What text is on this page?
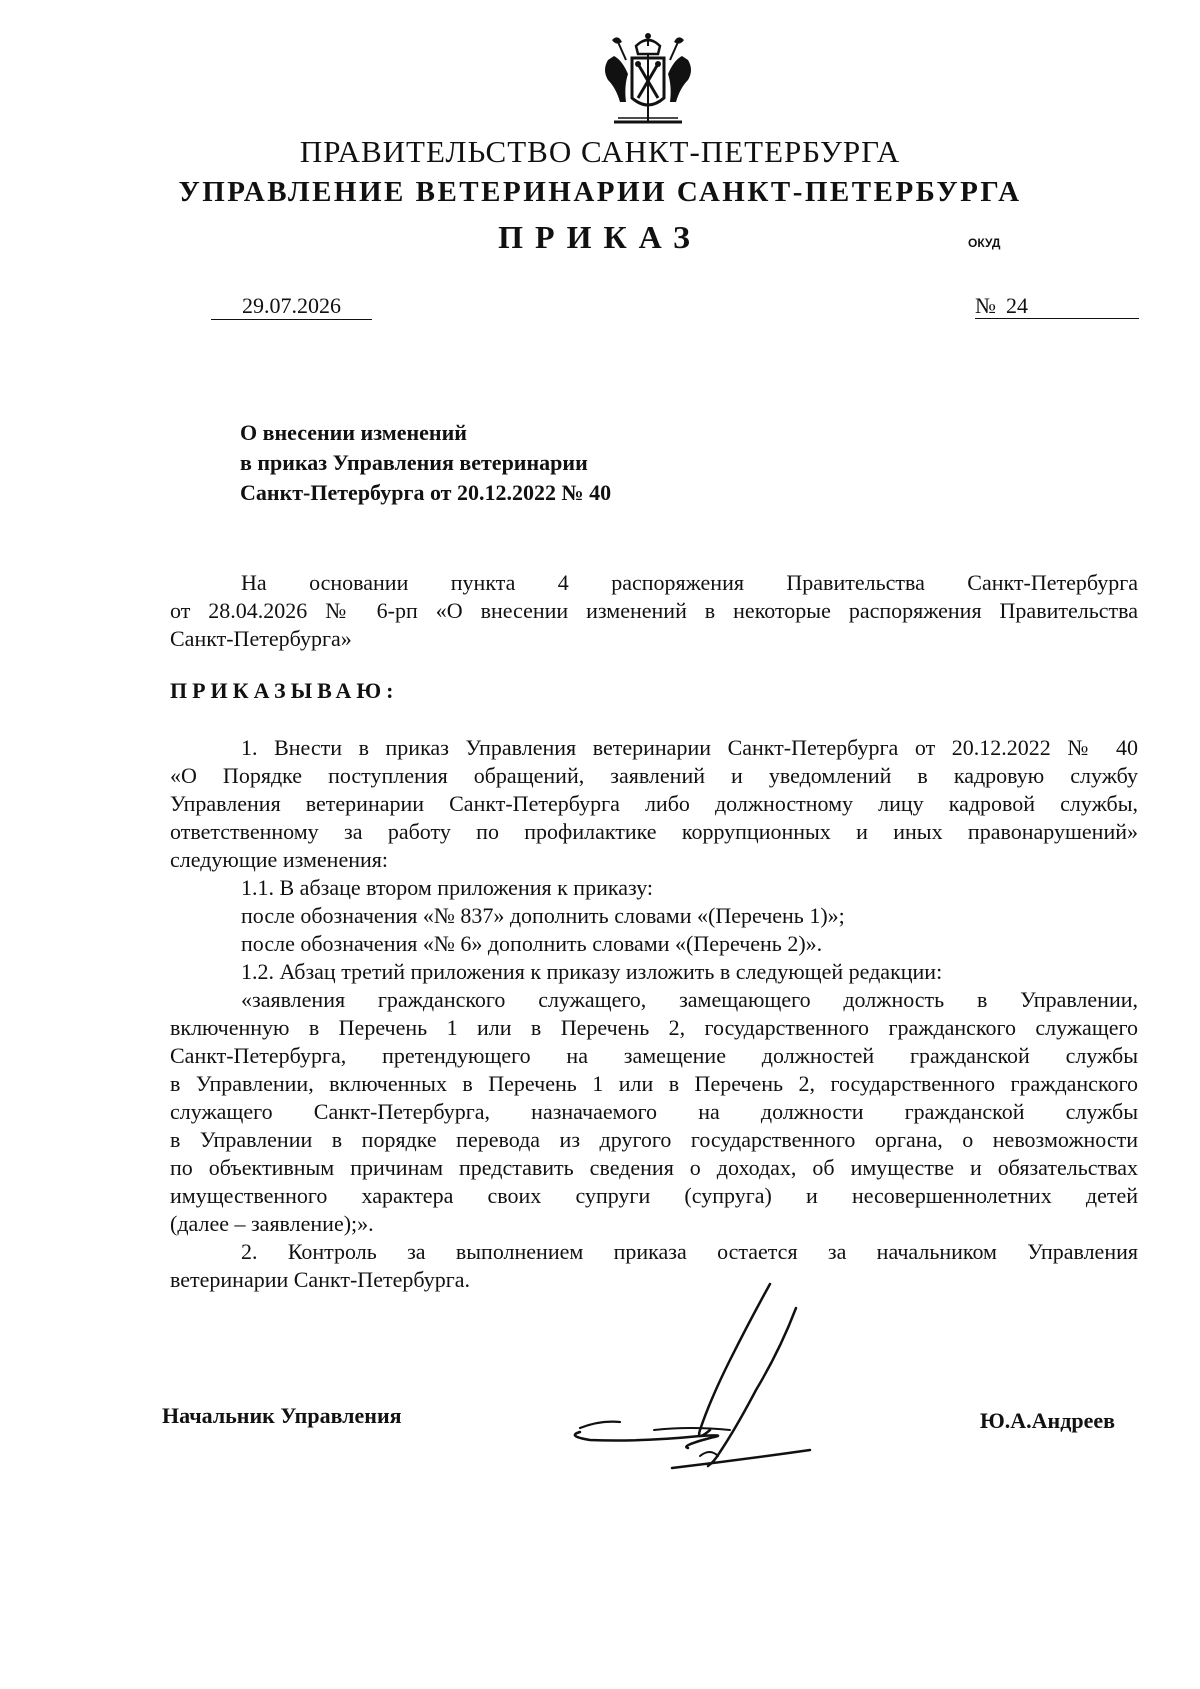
ПРАВИТЕЛЬСТВО САНКТ-ПЕТЕРБУРГА
УПРАВЛЕНИЕ ВЕТЕРИНАРИИ САНКТ-ПЕТЕРБУРГА
ПРИКАЗ	ОКУД
29.07.2026	№ 24
О внесении изменений
в приказ Управления ветеринарии
Санкт-Петербурга от 20.12.2022 № 40
На основании пункта 4 распоряжения Правительства Санкт-Петербурга
от 28.04.2026 № 6-рп «О внесении изменений в некоторые распоряжения Правительства
Санкт-Петербурга»
ПРИКАЗЫВАЮ:
1. Внести в приказ Управления ветеринарии Санкт-Петербурга от 20.12.2022 № 40
«О Порядке поступления обращений, заявлений и уведомлений в кадровую службу
Управления ветеринарии Санкт-Петербурга либо должностному лицу кадровой службы,
ответственному за работу по профилактике коррупционных и иных правонарушений»
следующие изменения:
1.1. В абзаце втором приложения к приказу:
после обозначения «№ 837» дополнить словами «(Перечень 1)»;
после обозначения «№ 6» дополнить словами «(Перечень 2)».
1.2. Абзац третий приложения к приказу изложить в следующей редакции:
«заявления гражданского служащего, замещающего должность в Управлении,
включенную в Перечень 1 или в Перечень 2, государственного гражданского служащего
Санкт-Петербурга, претендующего на замещение должностей гражданской службы
в Управлении, включенных в Перечень 1 или в Перечень 2, государственного гражданского
служащего Санкт-Петербурга, назначаемого на должности гражданской службы
в Управлении в порядке перевода из другого государственного органа, о невозможности
по объективным причинам представить сведения о доходах, об имуществе и обязательствах
имущественного характера своих супруги (супруга) и несовершеннолетних детей
(далее – заявление);».
2. Контроль за выполнением приказа остается за начальником Управления
ветеринарии Санкт-Петербурга.
Начальник Управления	Ю.А.Андреев
